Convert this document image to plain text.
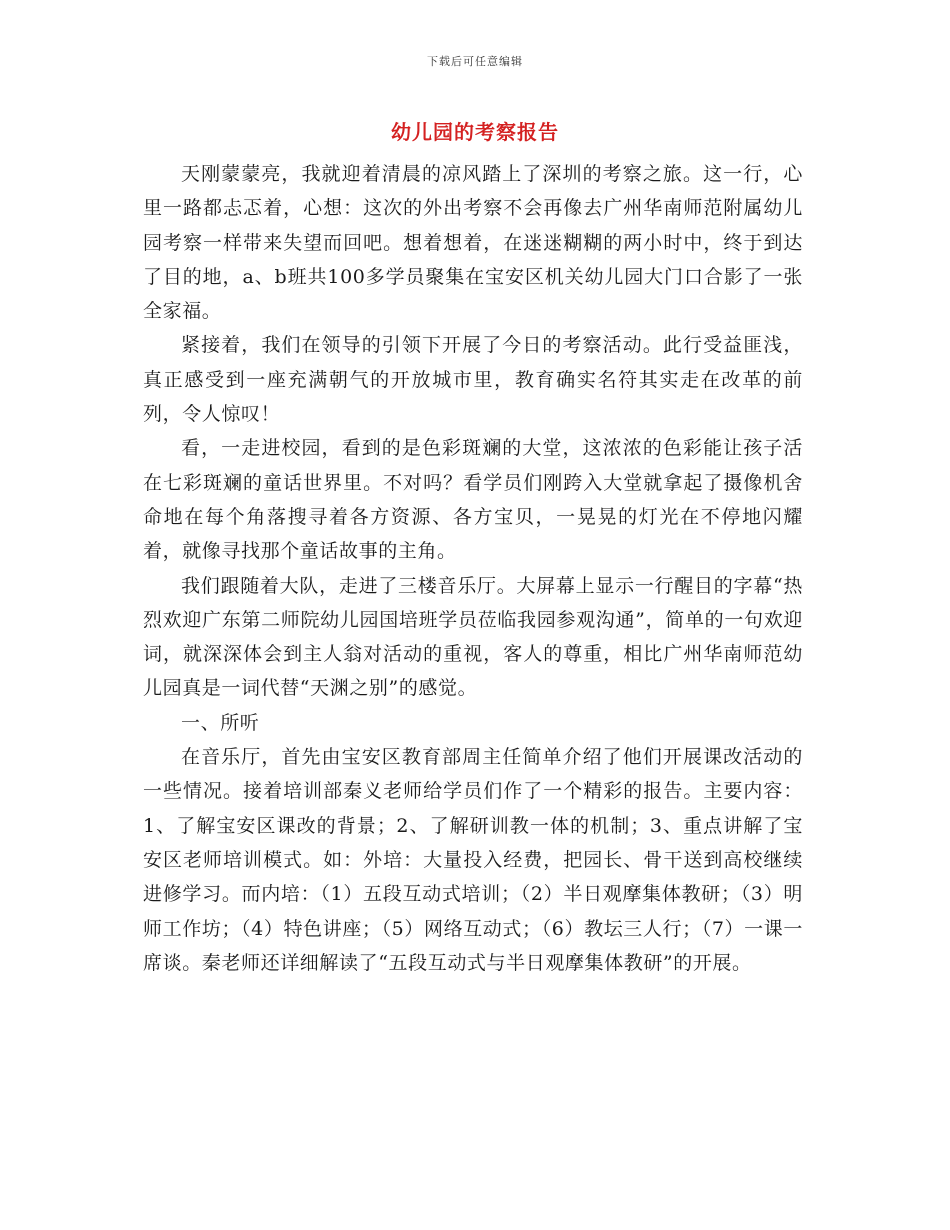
下载后可任意编辑
幼儿园的考察报告

天刚蒙蒙亮，我就迎着清晨的凉风踏上了深圳的考察之旅。这一行，心里一路都忐忑着，心想：这次的外出考察不会再像去广州华南师范附属幼儿园考察一样带来失望而回吧。想着想着，在迷迷糊糊的两小时中，终于到达了目的地，a、b班共100多学员聚集在宝安区机关幼儿园大门口合影了一张全家福。

紧接着，我们在领导的引领下开展了今日的考察活动。此行受益匪浅，真正感受到一座充满朝气的开放城市里，教育确实名符其实走在改革的前列，令人惊叹！

看，一走进校园，看到的是色彩斑斓的大堂，这浓浓的色彩能让孩子活在七彩斑斓的童话世界里。不对吗？看学员们刚跨入大堂就拿起了摄像机舍命地在每个角落搜寻着各方资源、各方宝贝，一晃晃的灯光在不停地闪耀着，就像寻找那个童话故事的主角。

我们跟随着大队，走进了三楼音乐厅。大屏幕上显示一行醒目的字幕“热烈欢迎广东第二师院幼儿园国培班学员莅临我园参观沟通”，简单的一句欢迎词，就深深体会到主人翁对活动的重视，客人的尊重，相比广州华南师范幼儿园真是一词代替“天渊之别”的感觉。

一、所听

在音乐厅，首先由宝安区教育部周主任简单介绍了他们开展课改活动的一些情况。接着培训部秦义老师给学员们作了一个精彩的报告。主要内容：1、了解宝安区课改的背景；2、了解研训教一体的机制；3、重点讲解了宝安区老师培训模式。如：外培：大量投入经费，把园长、骨干送到高校继续进修学习。而内培：（1）五段互动式培训；（2）半日观摩集体教研；（3）明师工作坊；（4）特色讲座；（5）网络互动式；（6）教坛三人行；（7）一课一席谈。秦老师还详细解读了“五段互动式与半日观摩集体教研”的开展。
